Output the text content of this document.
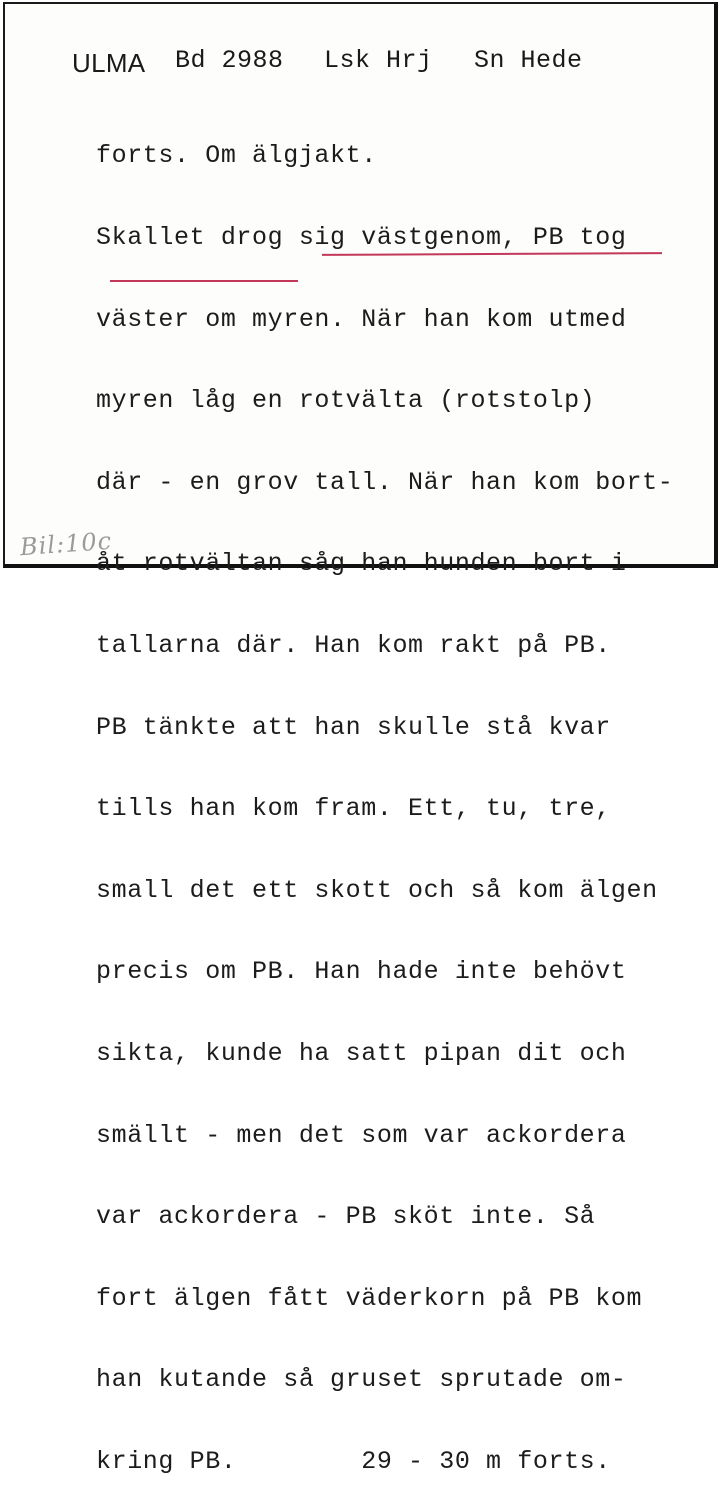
ULMA Bd 2988 Lsk Hrj Sn Hede

forts. Om älgjakt.

Skallet drog sig västgenom, PB tog

väster om myren. När han kom utmed

myren låg en rotvälta (rotstolp)

där - en grov tall. När han kom bort-

åt rotvältan såg han hunden bort i

tallarna där. Han kom rakt på PB.

PB tänkte att han skulle stå kvar

tills han kom fram. Ett, tu, tre,

small det ett skott och så kom älgen

precis om PB. Han hade inte behövt

sikta, kunde ha satt pipan dit och

smällt - men det som var ackordera

var ackordera - PB sköt inte. Så

fort älgen fått väderkorn på PB kom

han kutande så gruset sprutade om-

kring PB.        29 - 30 m forts.

Bil:10c
